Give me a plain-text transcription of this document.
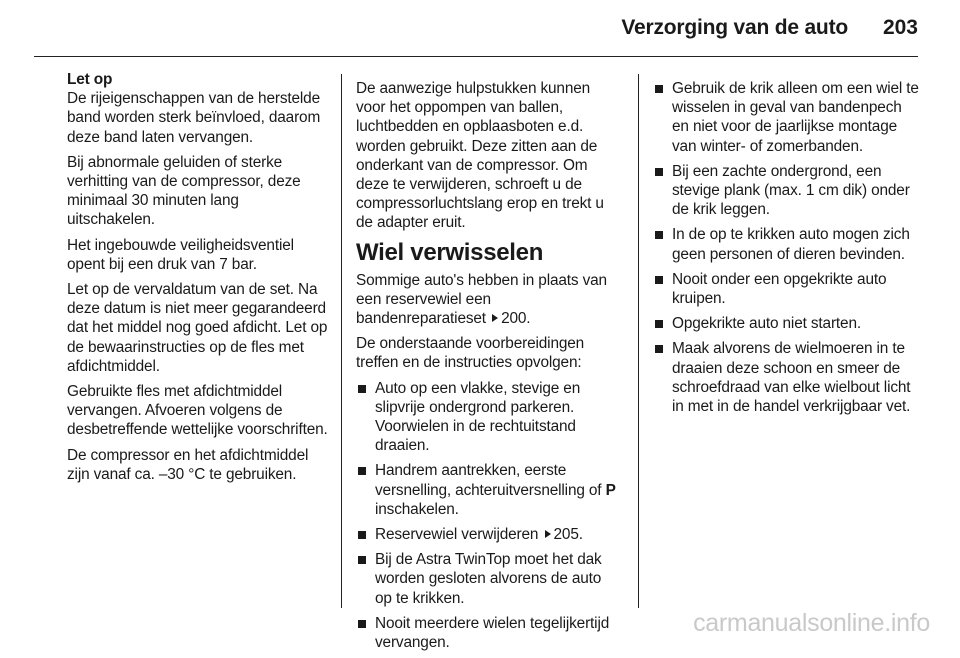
Verzorging van de auto 203
Let op

De rijeigenschappen van de herstelde band worden sterk beïnvloed, daarom deze band laten vervangen.

Bij abnormale geluiden of sterke verhitting van de compressor, deze minimaal 30 minuten lang uitschakelen.

Het ingebouwde veiligheidsventiel opent bij een druk van 7 bar.

Let op de vervaldatum van de set. Na deze datum is niet meer gegarandeerd dat het middel nog goed afdicht. Let op de bewaarinstructies op de fles met afdichtmiddel.

Gebruikte fles met afdichtmiddel vervangen. Afvoeren volgens de desbetreffende wettelijke voorschriften.

De compressor en het afdichtmiddel zijn vanaf ca. –30 °C te gebruiken.

De aanwezige hulpstukken kunnen voor het oppompen van ballen, luchtbedden en opblaasboten e.d. worden gebruikt. Deze zitten aan de onderkant van de compressor. Om deze te verwijderen, schroeft u de compressorluchtslang erop en trekt u de adapter eruit.

Wiel verwisselen

Sommige auto's hebben in plaats van een reservewiel een bandenreparatieset 200.

De onderstaande voorbereidingen treffen en de instructies opvolgen:

Auto op een vlakke, stevige en slipvrije ondergrond parkeren. Voorwielen in de rechtuitstand draaien.
Handrem aantrekken, eerste versnelling, achteruitversnelling of P inschakelen.
Reservewiel verwijderen 205.
Bij de Astra TwinTop moet het dak worden gesloten alvorens de auto op te krikken.
Nooit meerdere wielen tegelijkertijd vervangen.
Gebruik de krik alleen om een wiel te wisselen in geval van bandenpech en niet voor de jaarlijkse montage van winter- of zomerbanden.
Bij een zachte ondergrond, een stevige plank (max. 1 cm dik) onder de krik leggen.
In de op te krikken auto mogen zich geen personen of dieren bevinden.
Nooit onder een opgekrikte auto kruipen.
Opgekrikte auto niet starten.
Maak alvorens de wielmoeren in te draaien deze schoon en smeer de schroefdraad van elke wielbout licht in met in de handel verkrijgbaar vet.
carmanualsonline.info
